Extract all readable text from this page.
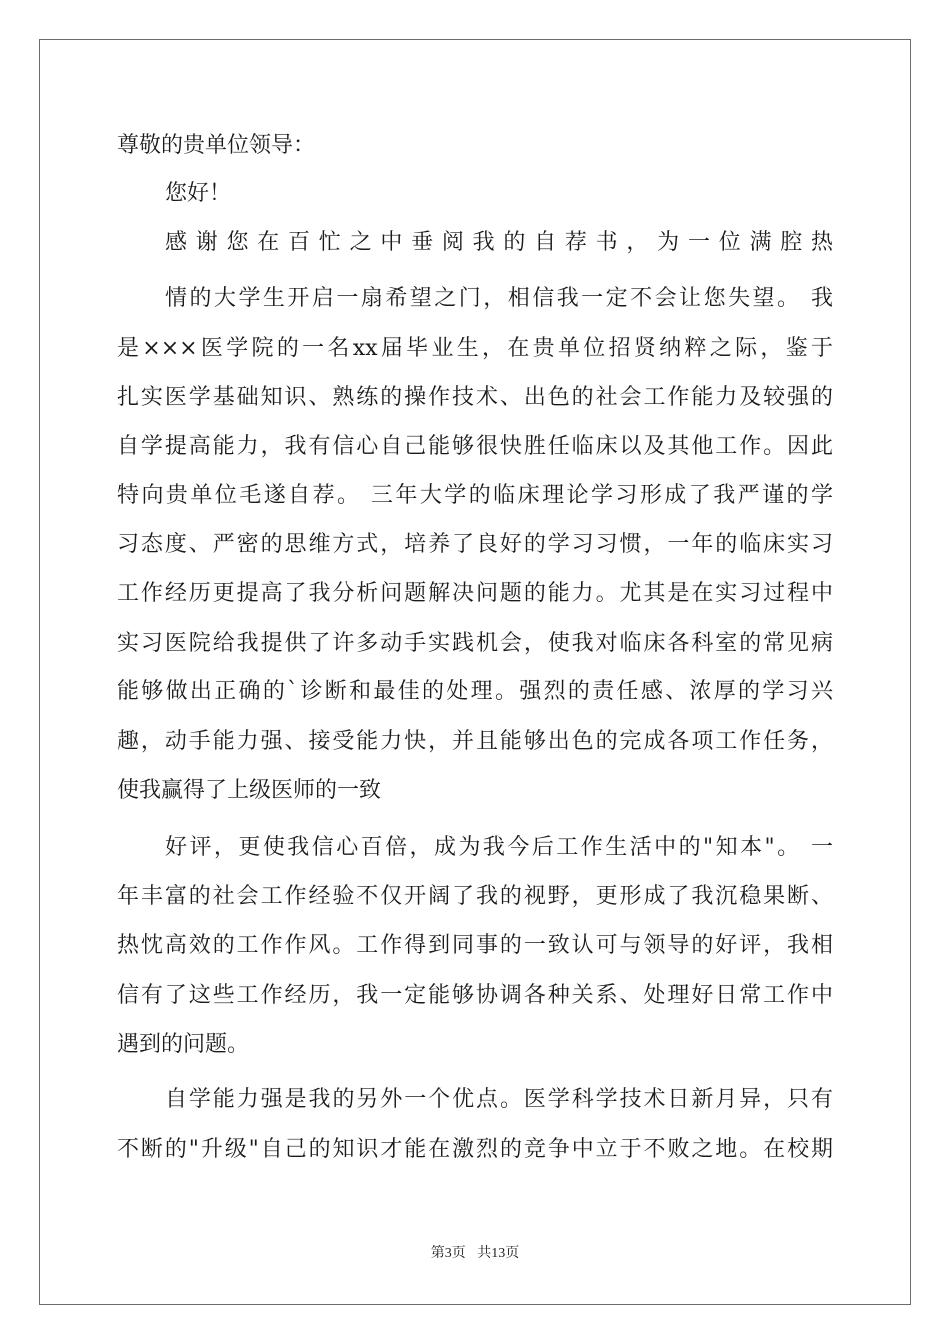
尊敬的贵单位领导：
您好！
感谢您在百忙之中垂阅我的自荐书，为一位满腔热
情的大学生开启一扇希望之门，相信我一定不会让您失望。 我
是×××医学院的一名xx届毕业生，在贵单位招贤纳粹之际，鉴于
扎实医学基础知识、熟练的操作技术、出色的社会工作能力及较强的
自学提高能力，我有信心自己能够很快胜任临床以及其他工作。因此
特向贵单位毛遂自荐。 三年大学的临床理论学习形成了我严谨的学
习态度、严密的思维方式，培养了良好的学习习惯，一年的临床实习
工作经历更提高了我分析问题解决问题的能力。尤其是在实习过程中
实习医院给我提供了许多动手实践机会，使我对临床各科室的常见病
能够做出正确的`诊断和最佳的处理。强烈的责任感、浓厚的学习兴
趣，动手能力强、接受能力快，并且能够出色的完成各项工作任务，
使我赢得了上级医师的一致
好评，更使我信心百倍，成为我今后工作生活中的"知本"。 一
年丰富的社会工作经验不仅开阔了我的视野，更形成了我沉稳果断、
热忱高效的工作作风。工作得到同事的一致认可与领导的好评，我相
信有了这些工作经历，我一定能够协调各种关系、处理好日常工作中
遇到的问题。
自学能力强是我的另外一个优点。医学科学技术日新月异，只有
不断的"升级"自己的知识才能在激烈的竞争中立于不败之地。在校期
第3页 共13页
